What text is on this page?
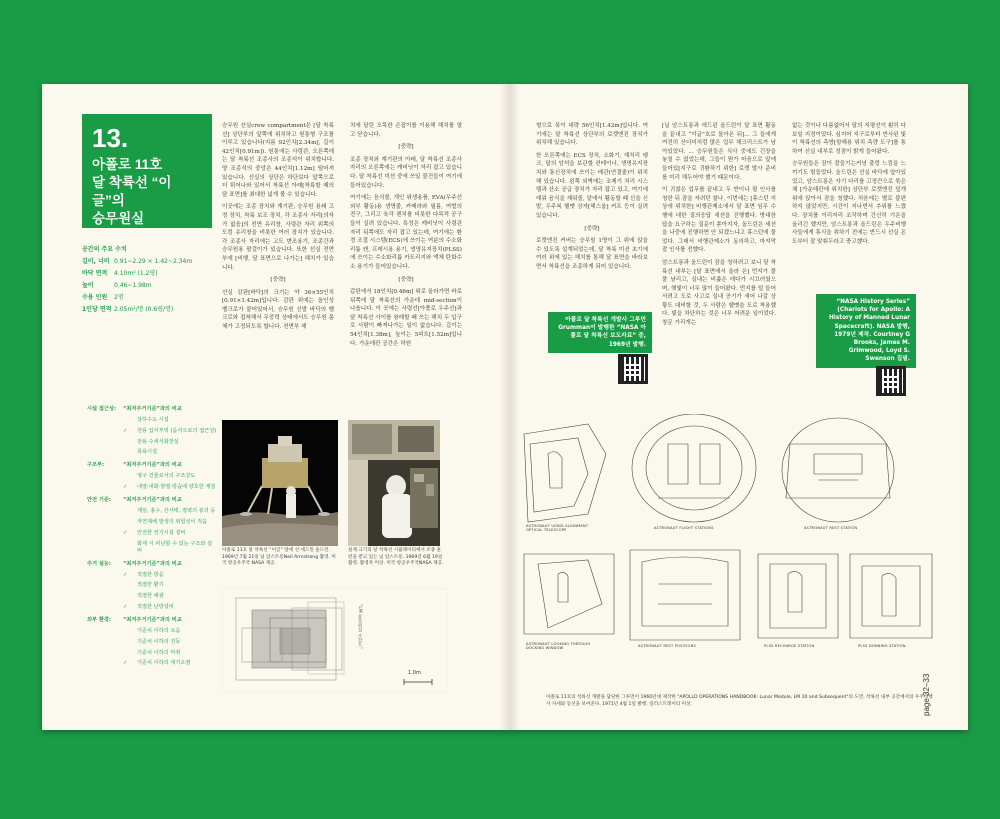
13.
아폴로 11호
달 착륙선 “이글”의
승무원실
공간의 주요 수치
길이, 너비 0.91~2.29 × 1.42~2.34m
바닥 면적	4.10m² (1.2평)
높이	0.46~1.98m
수용 인원	2명
1인당 면적 2.05m²/명 (0.6평/명)

승무원 선실crew compartment은 [달 착륙선] 상단부의 앞쪽에 위치하고 원통형 구조를 이루고 있습니다(지름 92인치[2.34m], 길이 42인치[0.91m]). 원통에는 사령관, 오른쪽에는 달 착륙선 조종사의 조종석이 위치합니다. 양 조종석의 중앙은 44인치[1.12m] 떨어져 있습니다. 선실의 상단은 하단보다 앞쪽으로 더 튀어나와 있어서 착륙선 아래[착륙할 때의 달 표면]를 최대한 넓게 볼 수 있습니다.

이곳에는 조종 장치와 계기판, 승무원 용쇄 고정 장치, 착륙 보조 장치, 각 조종사 자리[의자가 없음]의 전면 유리창, 사령관 자리 위쪽의 도킹 유리창을 비롯한 여러 장치가 있습니다. 각 조종사 자리에는 고도 변조용기, 조종간과 승무원용 팔걸이가 있습니다. 또한 선실 전면부에 [비행, 달 표면으로 나가는] 해치가 있습니다.

[중략]

선실 감판[바닥]의 크기는 약 36×55인치[0.91×1.42m]입니다. 감판 위에는 올인성 벨크로가 붙어있어서, 승무원 신발 바닥의 벨크로와 접착해서 무중력 상태에서도 승무원 몸체가 고정되도록 합니다. 전면부 해

치에 달린 오목한 손잡이를 이용해 해치를 열고 닫습니다.

[중략]

조종 장치와 계기판의 아래, 달 착륙선 조종사 자리의 오른쪽에는 캐비닛이 자리 잡고 있습니다. 달 착륙선 미션 중에 쓰일 물건들이 여기에 들어있습니다.

여기에는 음식물, 개인 위생용품, EVA(우주선 외부 활동)용 생명줄, 카메라와 필름, 여벌의 전구, 그리고 육각 렌치를 비롯한 다목적 공구들이 실려 있습니다. 특정은 캐비닛이 사령관 자리 뒤쪽에도 자리 잡고 있는데, 여기에는 환경 조절 시스템(ECS)에 쓰이는 여분의 수소화리튬 캔, 프레시용 용기, 생명유지장치(PLSS)에 쓰이는 수소화리튬 카트리지와 액체 탄화수소 용기가 들어있습니다.

[중략]

갑판에서 18인치[0.46m] 위로 올라가면 바로 뒤쪽에 달 착륙선의 가운데 mid-section이 나옵니다. 이 곳에는 사령선[아폴로 우주선]과 달 착륙선 사이를 왕래할 때 쓰는 해치 두 입구로 사람이 빠져나가는 일이 없습니다. 길이는 54인치[1.38m], 높이는 5피트[1.52m]입니다. 가운데칸 공간은 하원

시설 접근성:	“최저주거기준”과의 비교
상하수도 시설
✓	전용 입식부엌 (음식으로의 접근성)
전용 수세식화장실
목욕시설
구조부:	“최저주거기준”과의 비교
영구 건물로서의 구조강도
✓	내열·내화·방열·방습에 양호한 재질
안전 기준:	“최저주거기준”과의 비교
재일, 홍수, 산사태, 절벽의 붕괴 등
자연재해 발생의 위험성이 적음
✓	안전한 전기시설 설비
화재 시 피난할 수 있는 구조와 설비
주거 설능:	“최저주거기준”과의 비교
✓	적절한 방음
적절한 환기
적절한 채광
✓	적절한 난방설비
외부 환경:	“최저주거기준”과의 비교
기준치 이하의 소음
기준치 이하의 진동
기준치 이하의 악취
✓	기준치 이하의 대기오염
아폴로 11호 달 착륙선 “이글” 앞에 선 에드윈 올드린. 1969년 7월 21일 닐 암스트롱Neil Armstrong 촬영. 미국 항공우주국 NASA 제공.
실제 크기의 달 착륙선 시뮬레이터에서 조종 훈련을 받고 있는 닐 암스트롱. 1969년 6월 19일 촬영. 촬영자 미상. 미국 항공우주국NASA 제공.
1.0m
“LM 승무원실 조감도”

형으로 폭이 대략 56인치[1.42m]입니다. 여기에는 달 착륙선 상단부의 로켓엔진 장치가 위치해 있습니다.

한 오른쪽에는 ECS 장치, 소화기, 재처리 탱크, 달의 암석을 보관할 컨테이너, 생명유지장치와 통신장치에 쓰이는 배관(연결줄)이 위치해 있습니다. 왼쪽 외벽에는 조제기 처리 시스템과 산소 공급 장치가 자리 잡고 있고, 여기에 데워 음식을 재워줄, 알에서 활동할 때 신을 신발, 우주복 헬멧 상자[헤스웁] 커프 등이 실려 있습니다.

[중략]

로켓엔진 커버는 승무원 1명이 그 위에 앉을 수 있도록 설계되었는데, 달 착륙 미션 초기에 여러 위에 있는 해치를 통해 달 표면을 바라보면서 착륙선을 조종하게 되어 있습니다.

아폴로 달 착륙선 개발사 그루먼Grumman이 발행한 “NASA 아폴로 달 착륙선 보도자료” 중, 1969년 발행.

[닐 암스트롱과 에드윈 올드린이 달 표면 활동을 끝내고 “이글”호로 돌아온 뒤]... 그 들에게 여전히 산더미처럼 많은 업무 체크리스트가 남아있었다. ... 승무원들은 식사 중에도 긴장을 놓칠 수 없었는데, 그들이 뭔가 마음으로 앞에 들어있[지구로 귀환하기 위한] 로켓 발사 준비를 미리 해두어야 했기 때문이다.

이 귀찮은 업무를 끝내고 두 반이나 될 인사를 청한 뒤 잠을 자려던 찰나, 이번에는 [휴스턴 지상에 위치한] 비행관제소에서 달 표면 임무 수행에 대한 질의응답 세션을 진행했다. 방대한 답을 요구하는 질문이 쏟아지자, 올드린은 세션을 나중에 진행하면 안 되겠느냐고 휴스턴에 물었다. 그래서 비행관제소가 동의하고, 마지막 잘 인사를 전했다.

암스트롱과 올드린이 잠을 청하려고 보니 달 착륙선 내부는 [달 표면에서 올라 온] 먼지가 풀풀 날리고, 실내는 비좁은 데다가 시끄러웠으며, 햇빛이 너무 많이 들어왔다. 먼지를 털 들어서려고 도로 사고로 실내 공기가 새어 나갈 상황도 대비할 것, 두 사람은 헬멧을 도로 착용했다. 빛을 차단하는 것은 너무 어려운 일이었다. 창문 가리개는

없는 것이나 다름없어서 달의 지평선이 훤히 다 보일 지경이었다. 심지어 지구로부터 반사된 빛이 착륙선의 측방[항해용 위치 측량 도구]를 통하여 선실 내부로 정점이 밝게 들어왔다.

승무원들은 잠이 잘들기는커녕 출렁 느낌을 느끼기도 힘들었다. 올드린은 선실 바닥에 엎아있었고, 암스트롱은 자기 다리를 고정끈으로 묶은 채 [가운데칸에 위치한] 상단부 로켓엔진 덮개 위에 앉아서 잠을 청했다. 처음에는 별로 불편하지 않았지만, 시간이 지나면서 추위를 느꼈다. 장치를 이리저리 조작하며 간신히 기온을 올리긴 했지만, 암스트롱과 올드린은 우주비행사들에게 휴식을 취하기 전에는 반드시 선실 온도부터 잘 맞춰두라고 충고했다.

“NASA History Series” (Chariots for Apollo: A History of Manned Lunar Spacecraft). NASA 발행, 1979년 제작. Courtney G Brooks, James M. Grimwood, Loyd S. Swenson 집필.
ASTRONAUT USING ALIGNMENT OPTICAL TELESCOPE	ASTRONAUT FLIGHT STATIONS	ASTRONAUT REST STATION
ASTRONAUT LOOKING THROUGH DOCKING WINDOW	ASTRONAUT REST POSITIONS	PLSS RECHARGE STATION	PLSS DONNING STATION
아폴로 11호의 착륙선 개발을 담당한 그루먼이 1960년대 제작한 "APOLLO OPERATIONS HANDBOOK: Lunar Module, LM 10 and Subsequent"의 도면. 착륙선 내부 공간에서의 우주비행사 자세와 동선을 보여준다. 1971년 4월 1일 발행. 일러스트레이터 미상.	page 32–33
